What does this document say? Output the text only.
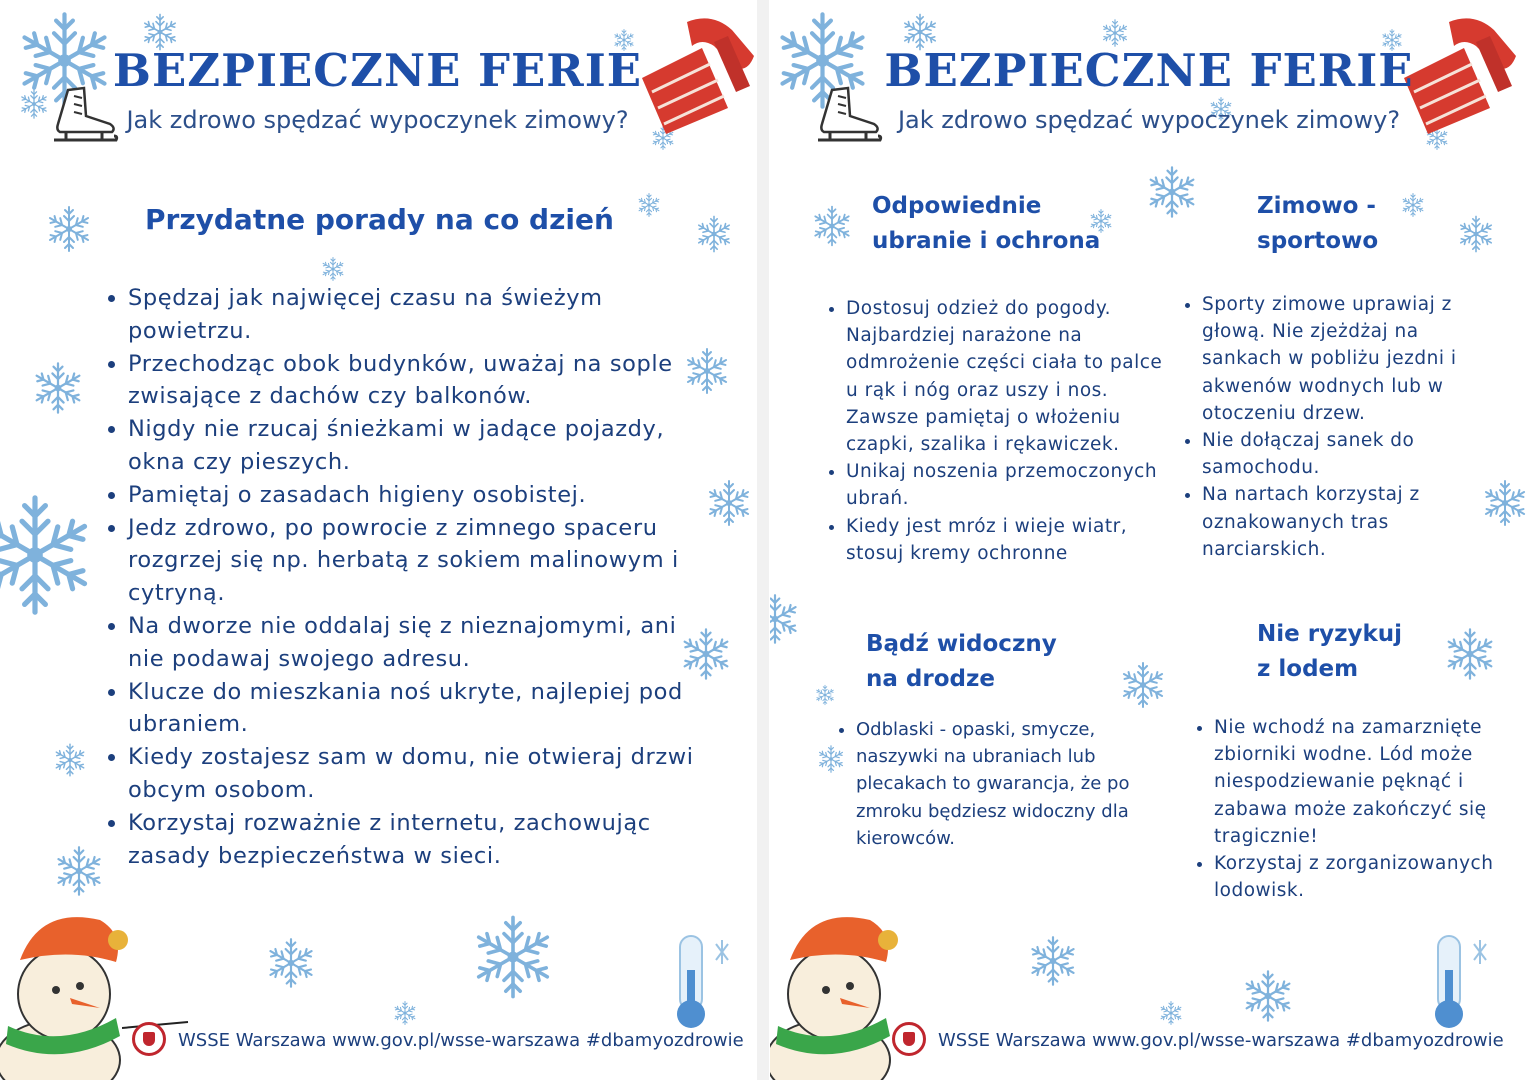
BEZPIECZNE FERIE
Jak zdrowo spędzać wypoczynek zimowy?
Przydatne porady na co dzień
• Spędzaj jak najwięcej czasu na świeżym powietrzu.
• Przechodząc obok budynków, uważaj na sople zwisające z dachów czy balkonów.
• Nigdy nie rzucaj śnieżkami w jadące pojazdy, okna czy pieszych.
• Pamiętaj o zasadach higieny osobistej.
• Jedz zdrowo, po powrocie z zimnego spaceru rozgrzej się np. herbatą z sokiem malinowym i cytryną.
• Na dworze nie oddalaj się z nieznajomymi, ani nie podawaj swojego adresu.
• Klucze do mieszkania noś ukryte, najlepiej pod ubraniem.
• Kiedy zostajesz sam w domu, nie otwieraj drzwi obcym osobom.
• Korzystaj rozważnie z internetu, zachowując zasady bezpieczeństwa w sieci.
WSSE Warszawa www.gov.pl/wsse-warszawa #dbamyozdrowie
BEZPIECZNE FERIE
Jak zdrowo spędzać wypoczynek zimowy?
Odpowiednie
ubranie i ochrona
• Dostosuj odzież do pogody. Najbardziej narażone na odmrożenie części ciała to palce u rąk i nóg oraz uszy i nos. Zawsze pamiętaj o włożeniu czapki, szalika i rękawiczek.
• Unikaj noszenia przemoczonych ubrań.
• Kiedy jest mróz i wieje wiatr, stosuj kremy ochronne
Zimowo -
sportowo
• Sporty zimowe uprawiaj z głową. Nie zjeżdżaj na sankach w pobliżu jezdni i akwenów wodnych lub w otoczeniu drzew.
• Nie dołączaj sanek do samochodu.
• Na nartach korzystaj z oznakowanych tras narciarskich.
Bądź widoczny
na drodze
• Odblaski - opaski, smycze, naszywki na ubraniach lub plecakach to gwarancja, że po zmroku będziesz widoczny dla kierowców.
Nie ryzykuj
z lodem
• Nie wchodź na zamarznięte zbiorniki wodne. Lód może niespodziewanie pęknąć i zabawa może zakończyć się tragicznie!
• Korzystaj z zorganizowanych lodowisk.
WSSE Warszawa www.gov.pl/wsse-warszawa #dbamyozdrowie
